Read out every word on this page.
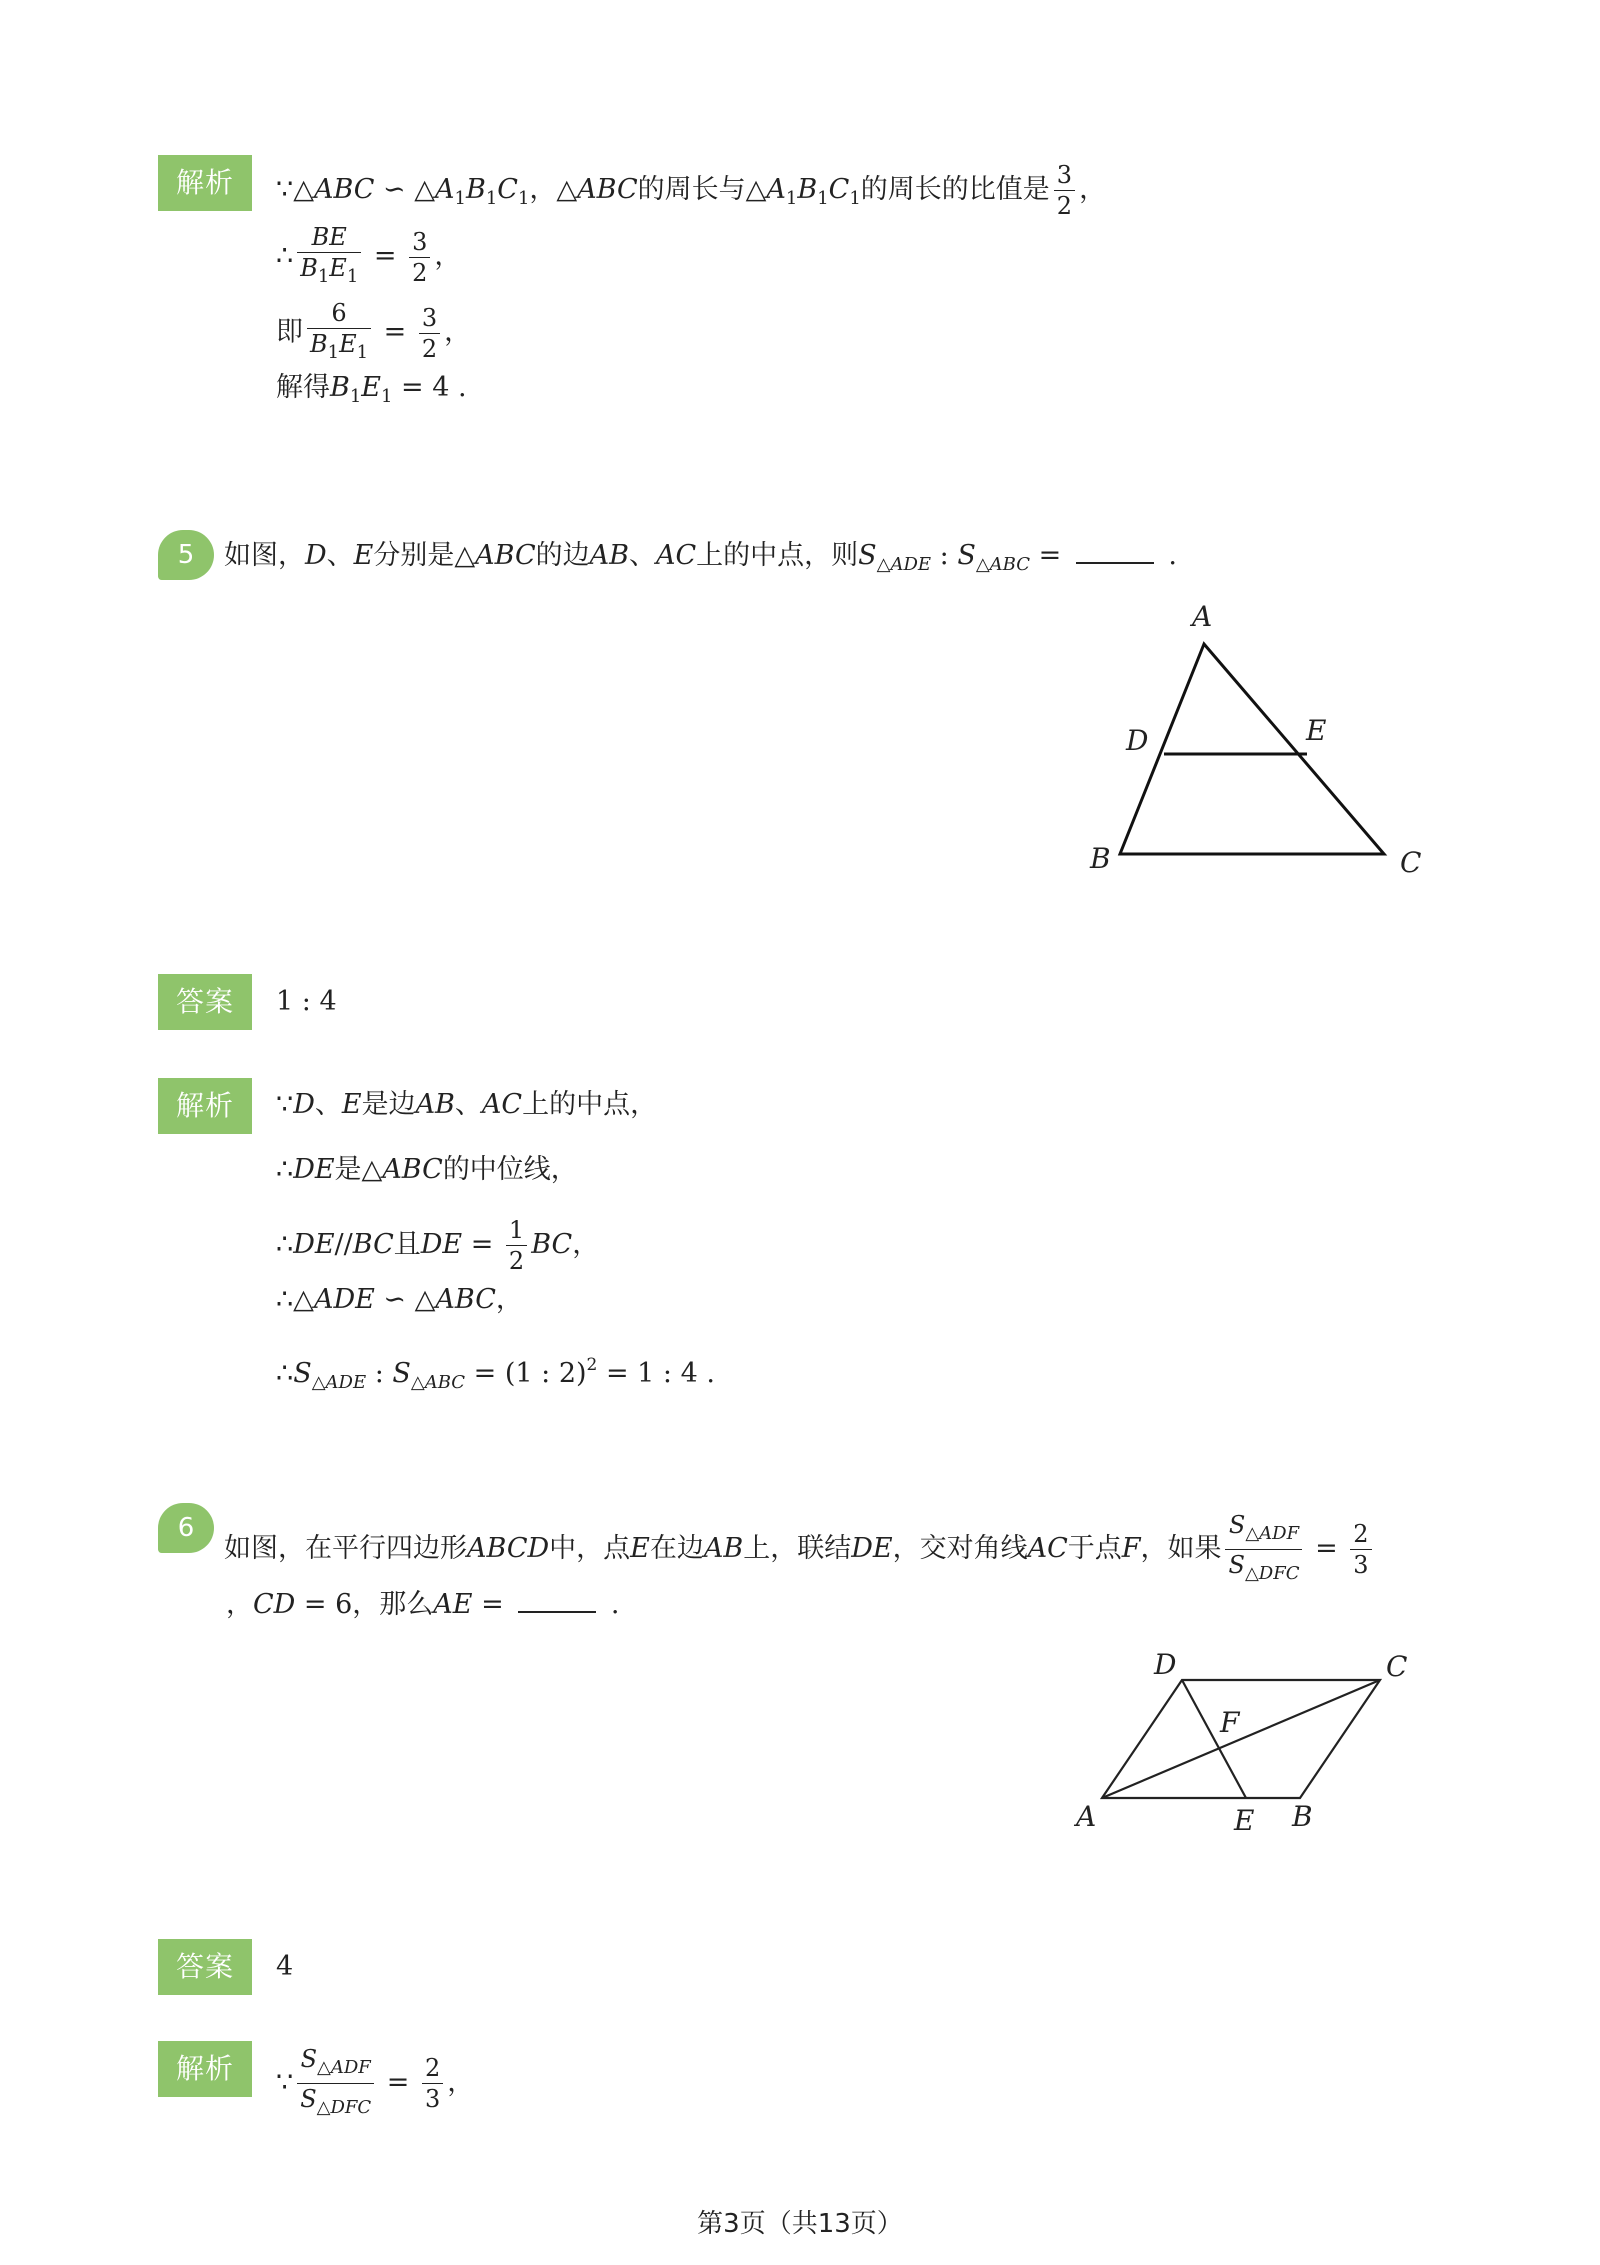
解析	∵△ABC ∽ $\triangle A_1B_1C_1$，△ABC的周长与$\triangle A_1B_1C_1$的周长的比值是 $\frac{3}{2}$ ，
∴ $\frac{BE}{B_1E_1} = \frac{3}{2}$ ，
即 $\frac{6}{B_1E_1} = \frac{3}{2}$ ，
解得$B_1E_1 = 4$ .
5	如图，D、E分别是△ABC的边AB、AC上的中点，则$S_{\triangle ADE}$ : $S_{\triangle ABC}$ =	.
A
D	E
B	C
答案	1 : 4
解析	∵D、E是边AB、AC上的中点，
∴DE是△ABC的中位线，
∴DE//BC且DE = $\frac{1}{2}$ BC，
∴△ADE ∽ △ABC，
$\therefore S_{\triangle ADE}$ : $S_{\triangle ABC} = (1$ : 2)$^2$ = 1 : 4 .
6
如图，在平行四边形ABCD中，点E在边AB上，联结DE，交对角线AC于点F，如果 $\frac{S_{\triangle ADF}}{S_{\triangle DFC}} = \frac{2}{3}$
，CD = 6，那么AE =	.
D	C
F
A	E B
答案	4
解析	∵ $\frac{S_{\triangle ADF}}{S_{\triangle DFC}} = \frac{2}{3}$ ，
第3页（共13页）
